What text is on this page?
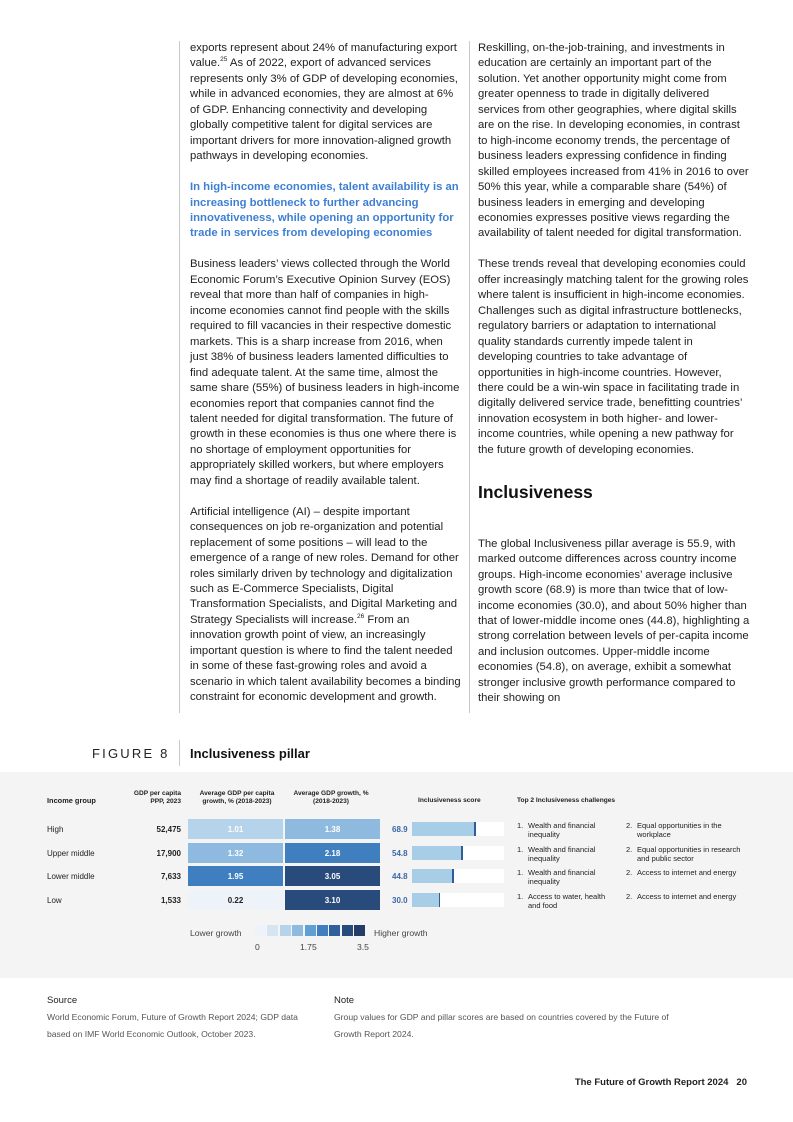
exports represent about 24% of manufacturing export value.$^{25}$ As of 2022, export of advanced services represents only 3% of GDP of developing economies, while in advanced economies, they are almost at 6% of GDP. Enhancing connectivity and developing globally competitive talent for digital services are important drivers for more innovation-aligned growth pathways in developing economies.

In high-income economies, talent availability is an increasing bottleneck to further advancing innovativeness, while opening an opportunity for trade in services from developing economies

Business leaders’ views collected through the World Economic Forum’s Executive Opinion Survey (EOS) reveal that more than half of companies in high-income economies cannot find people with the skills required to fill vacancies in their respective domestic markets. This is a sharp increase from 2016, when just 38% of business leaders lamented difficulties to find adequate talent. At the same time, almost the same share (55%) of business leaders in high-income economies report that companies cannot find the talent needed for digital transformation. The future of growth in these economies is thus one where there is no shortage of employment opportunities for appropriately skilled workers, but where employers may find a shortage of readily available talent.

Artificial intelligence (AI) – despite important consequences on job re-organization and potential replacement of some positions – will lead to the emergence of a range of new roles. Demand for other roles similarly driven by technology and digitalization such as E-Commerce Specialists, Digital Transformation Specialists, and Digital Marketing and Strategy Specialists will increase.$^{26}$ From an innovation growth point of view, an increasingly important question is where to find the talent needed in some of these fast-growing roles and avoid a scenario in which talent availability becomes a binding constraint for economic development and growth.

Reskilling, on-the-job-training, and investments in education are certainly an important part of the solution. Yet another opportunity might come from greater openness to trade in digitally delivered services from other geographies, where digital skills are on the rise. In developing economies, in contrast to high-income economy trends, the percentage of business leaders expressing confidence in finding skilled employees increased from 41% in 2016 to over 50% this year, while a comparable share (54%) of business leaders in emerging and developing economies expresses positive views regarding the availability of talent needed for digital transformation.

These trends reveal that developing economies could offer increasingly matching talent for the growing roles where talent is insufficient in high-income economies. Challenges such as digital infrastructure bottlenecks, regulatory barriers or adaptation to international quality standards currently impede talent in developing countries to take advantage of opportunities in high-income countries. However, there could be a win-win space in facilitating trade in digitally delivered service trade, benefitting countries’ innovation ecosystem in both higher- and lower-income countries, while opening a new pathway for the future growth of developing economies.

Inclusiveness

The global Inclusiveness pillar average is 55.9, with marked outcome differences across country income groups. High-income economies’ average inclusive growth score (68.9) is more than twice that of low-income economies (30.0), and about 50% higher than that of lower-middle income ones (44.8), highlighting a strong correlation between levels of per-capita income and inclusion outcomes. Upper-middle income economies (54.8), on average, exhibit a somewhat stronger inclusive growth performance compared to their showing on

FIGURE 8 Inclusiveness pillar
Income group
GDP per capita
PPP, 2023
Average GDP per capita
growth, % (2018-2023)
Average GDP growth, %
(2018-2023)	Inclusiveness score	Top 2 Inclusiveness challenges
High	52,475	1.01	1.38	68.9	1. Wealth and financial inequality
2. Equal opportunities in the workplace
Upper middle	17,900	1.32	2.18	54.8	1. Wealth and financial inequality
2. Equal opportunities in research and public sector
Lower middle	7,633	1.95	3.05	44.8	1. Wealth and financial inequality
2. Access to internet and energy
Low	1,533	0.22	3.10	30.0	1. Access to water, health and food
2. Access to internet and energy
Lower growth	Higher growth
0	1.75	3.5
Source
World Economic Forum, Future of Growth Report 2024; GDP data based on IMF World Economic Outlook, October 2023.
Note
Group values for GDP and pillar scores are based on countries covered by the Future of Growth Report 2024.
The Future of Growth Report 2024 20
